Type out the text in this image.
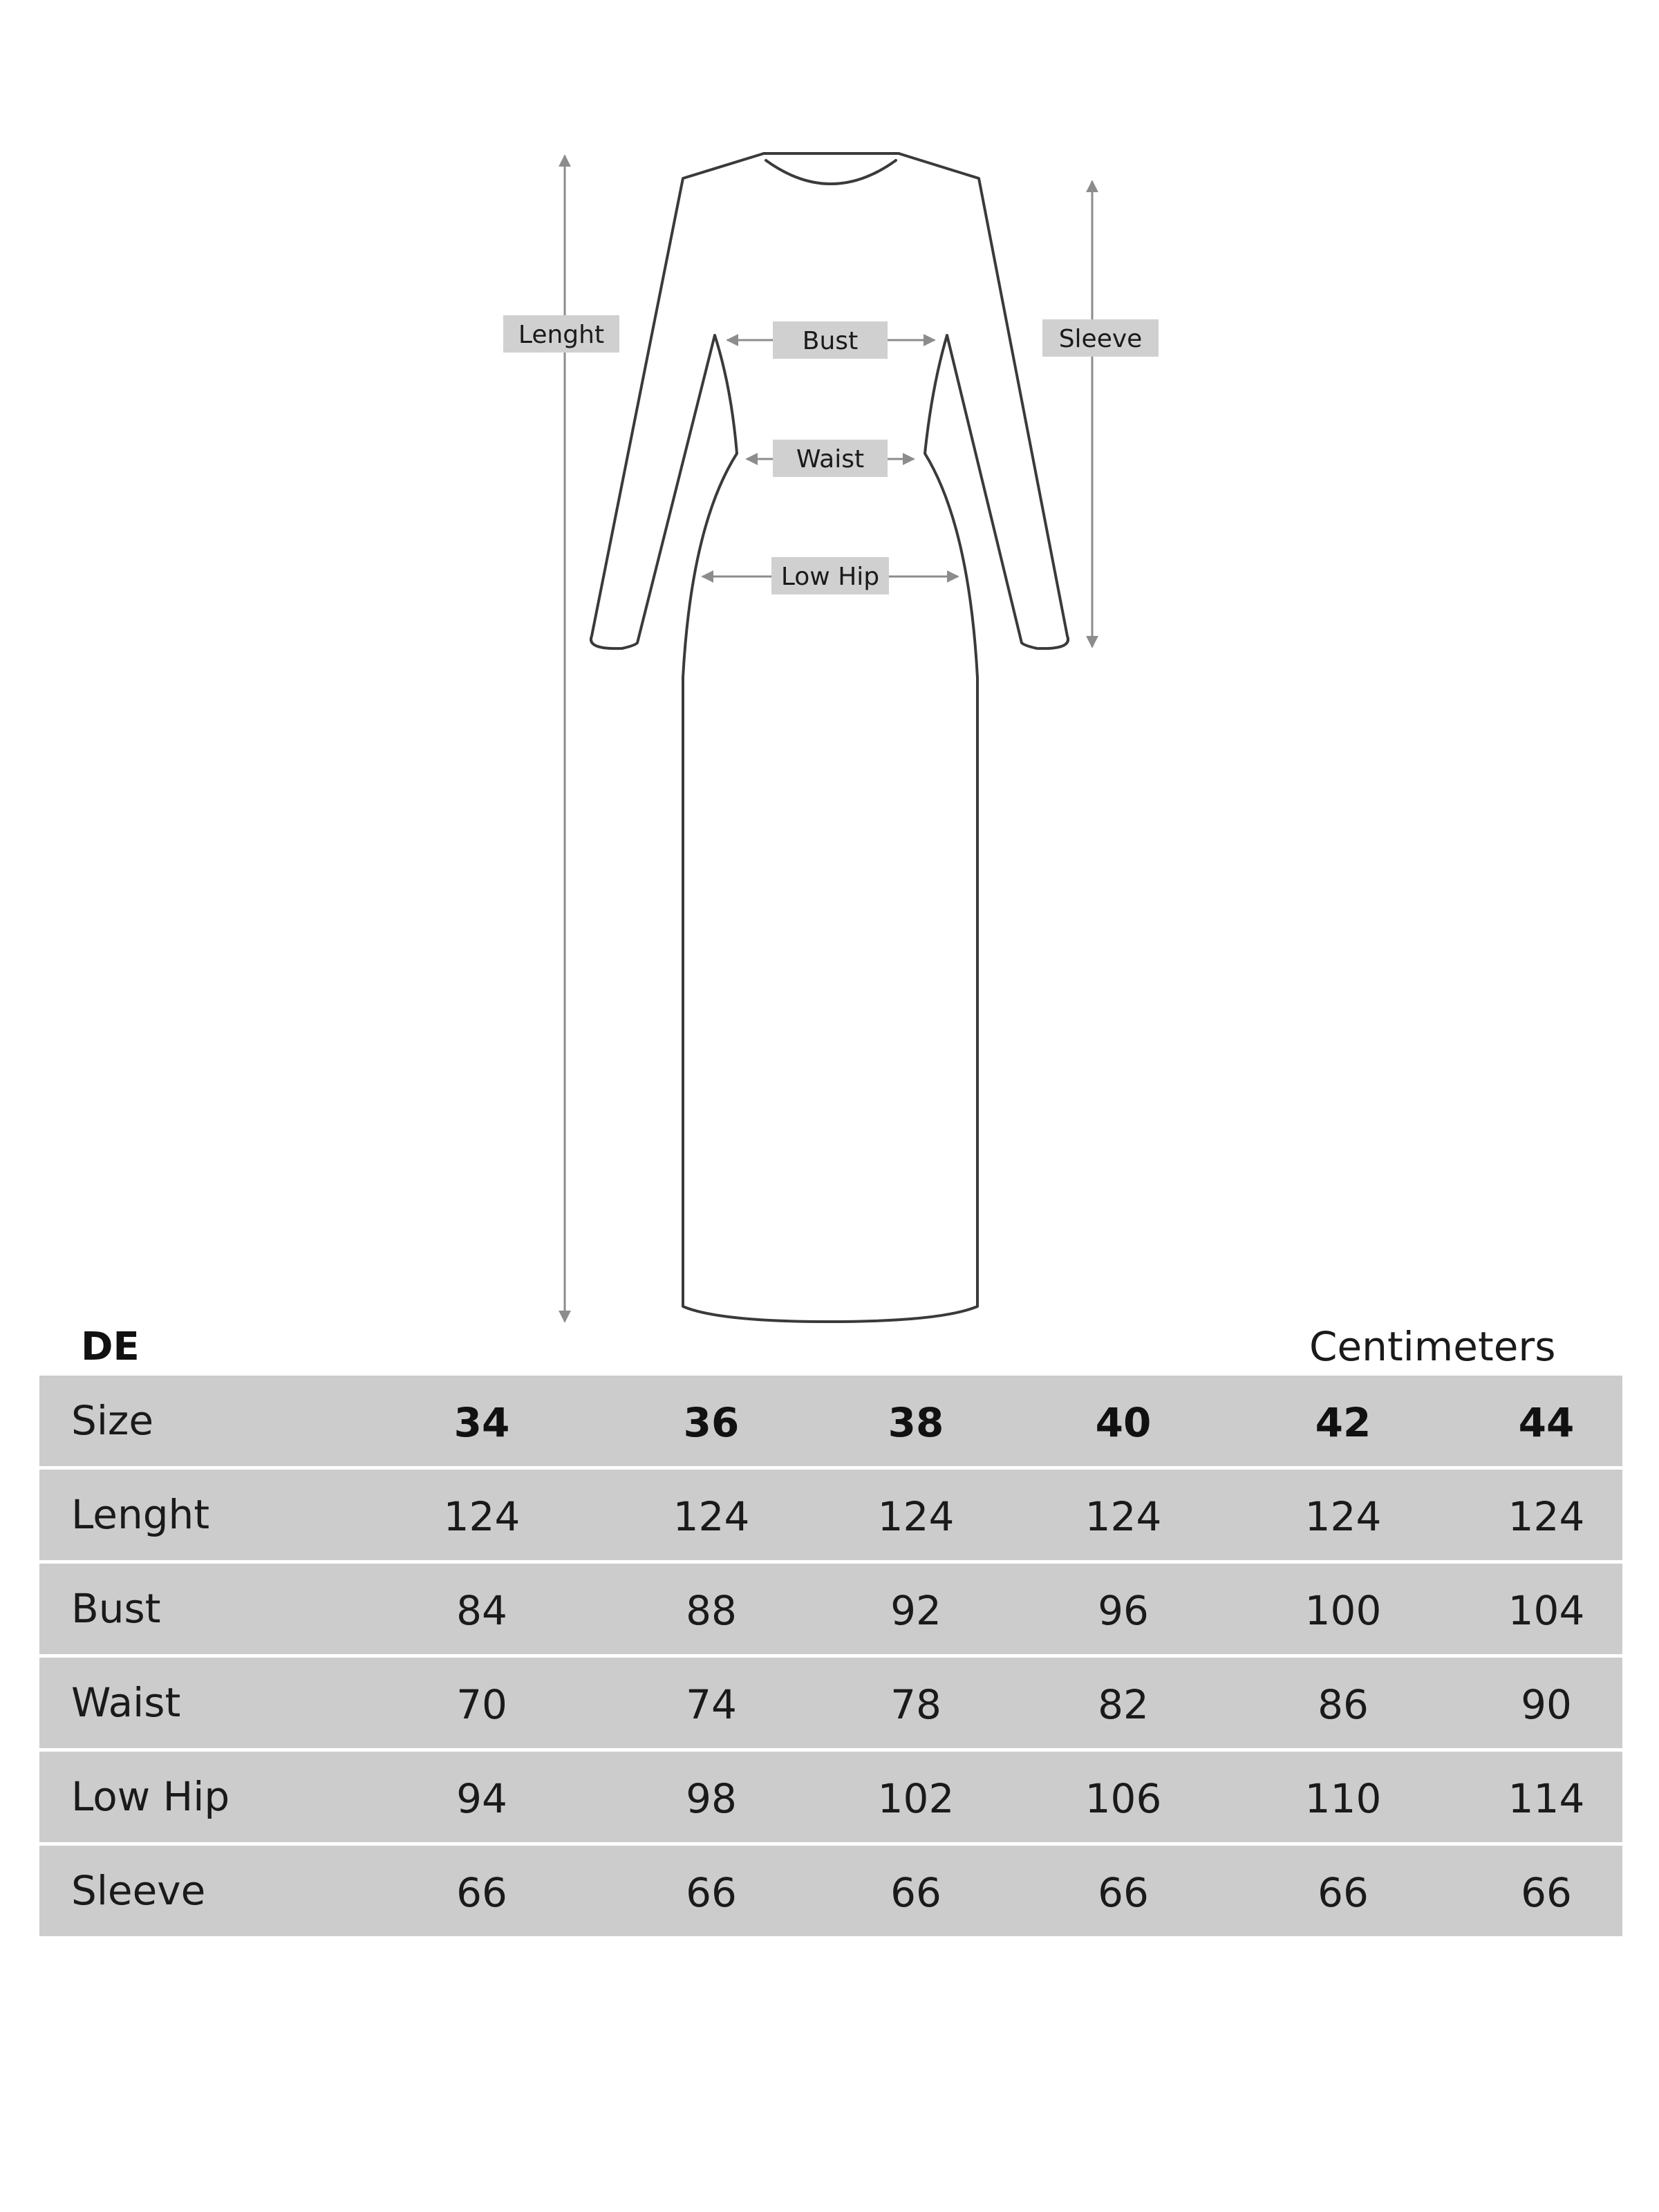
Lenght	Sleeve
Bust
Waist
Low Hip
DE	Centimeters
Size	34	36	38	40	42	44
Lenght	124	124	124	124	124	124
Bust	84	88	92	96	100	104
Waist	70	74	78	82	86	90
Low Hip	94	98	102	106	110	114
Sleeve	66	66	66	66	66	66
